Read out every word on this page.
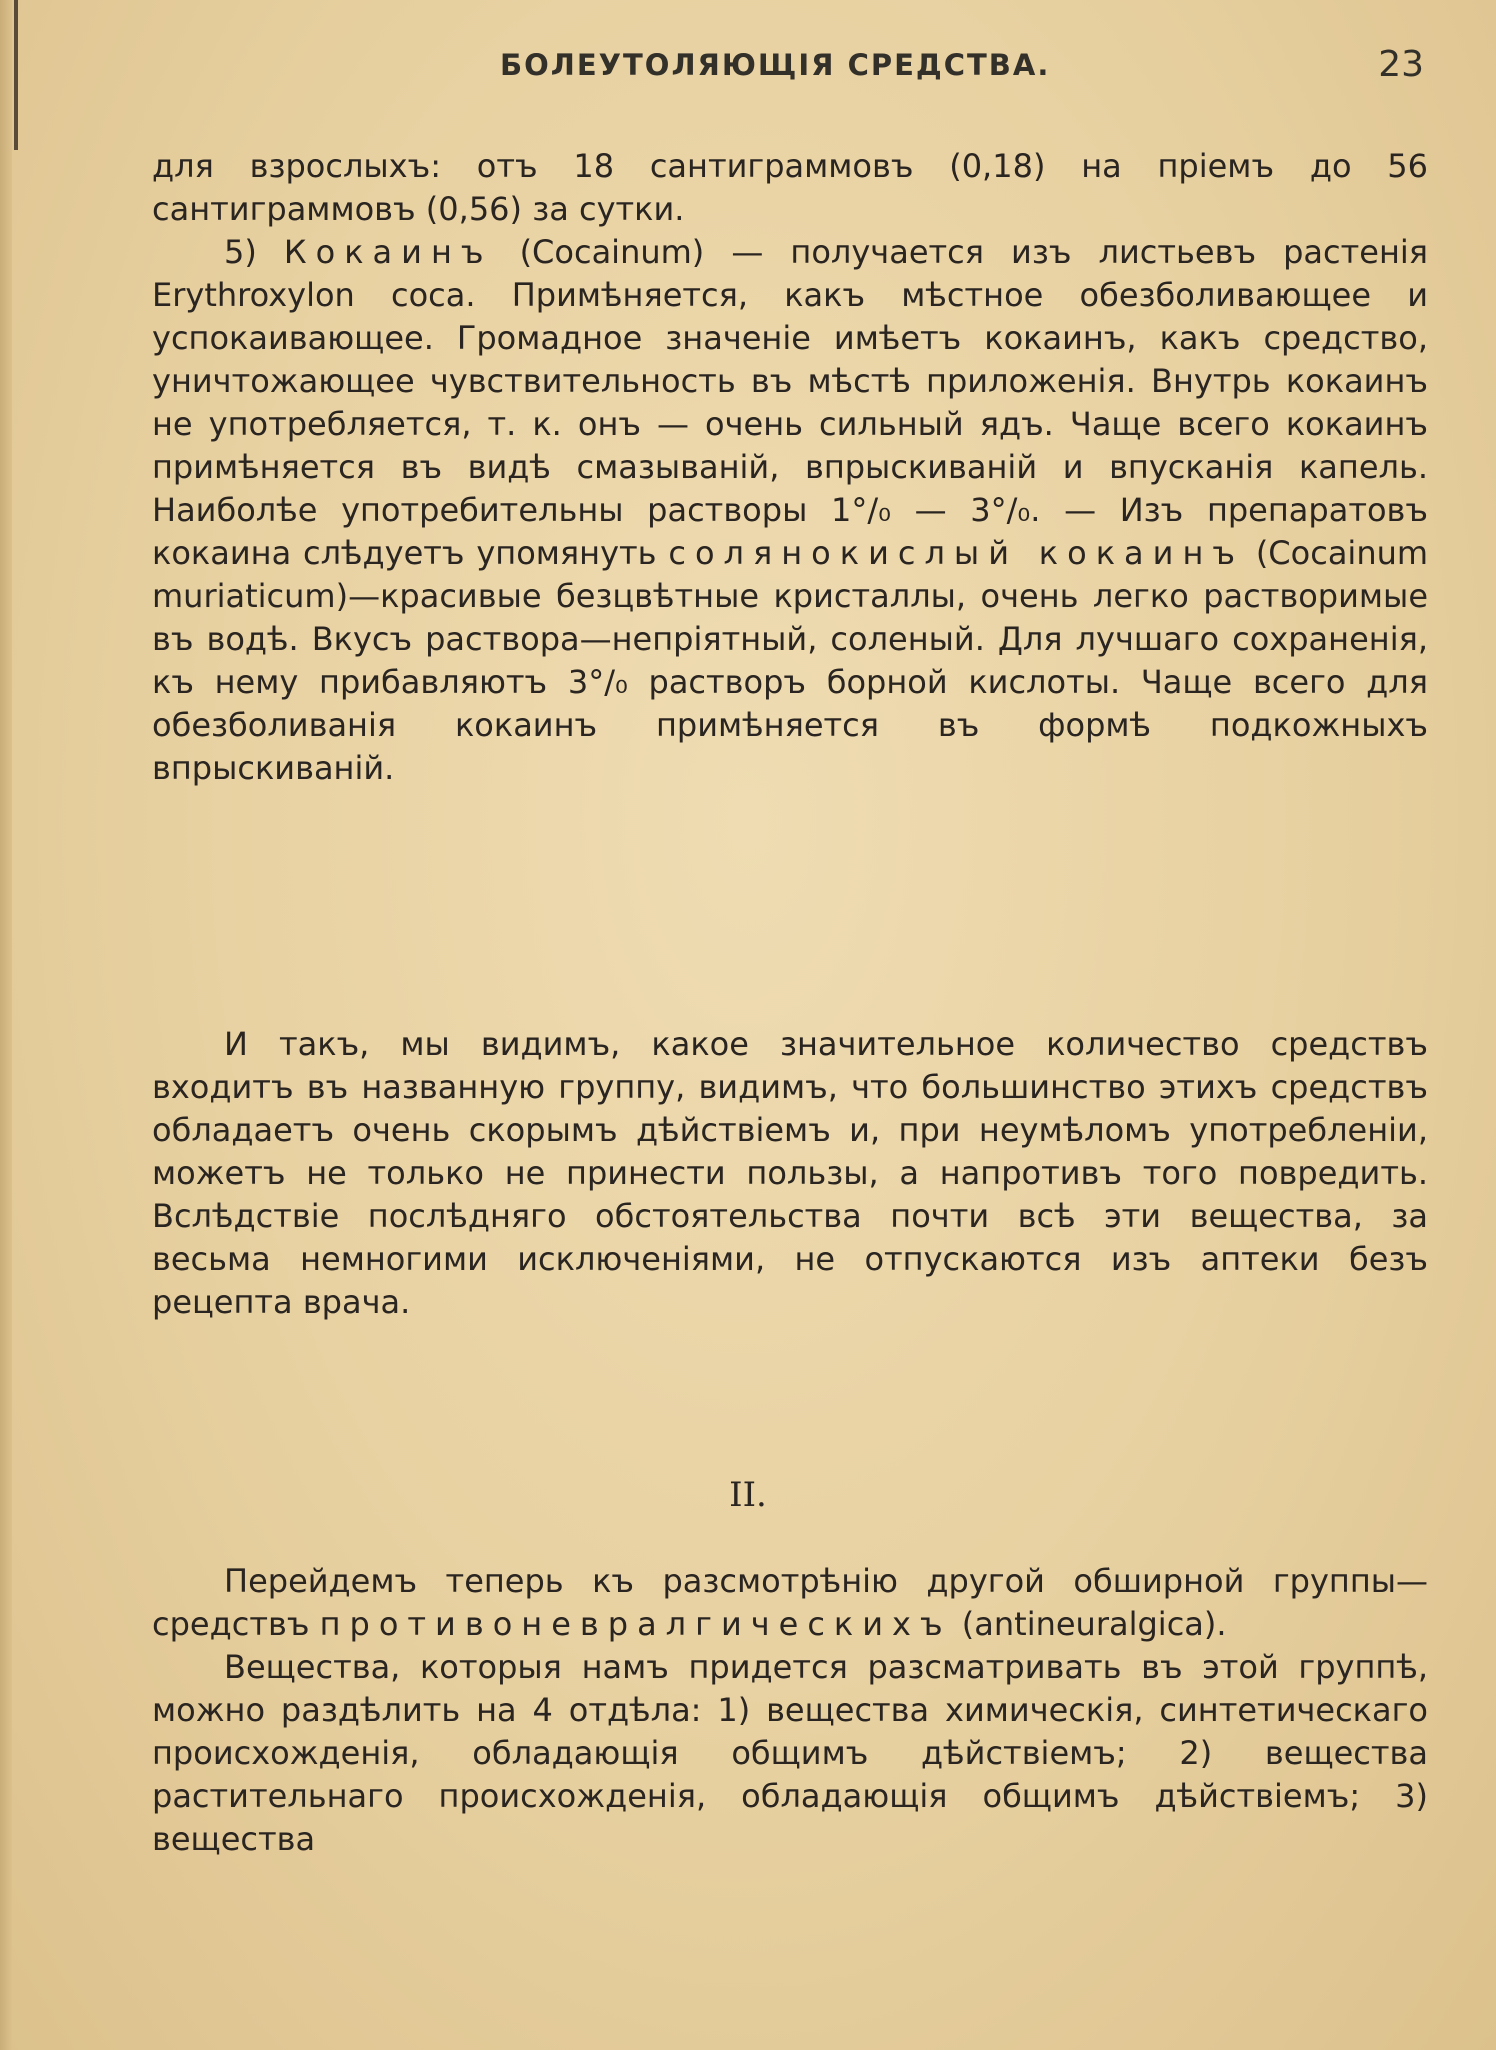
БОЛЕУТОЛЯЮЩІЯ СРЕДСТВА.	23

для взрослыхъ: отъ 18 сантиграммовъ (0,18) на пріемъ до 56 сантиграммовъ (0,56) за сутки.

5) Кокаинъ (Cocainum) — получается изъ листьевъ растенія Erythroxylon coca. Примѣняется, какъ мѣстное обезболивающее и успокаивающее. Громадное значеніе имѣетъ кокаинъ, какъ средство, уничтожающее чувствительность въ мѣстѣ приложенія. Внутрь кокаинъ не употребляется, т. к. онъ — очень сильный ядъ. Чаще всего кокаинъ примѣняется въ видѣ смазываній, впрыскиваній и впусканія капель. Наиболѣе употребительны растворы 1°/₀ — 3°/₀. — Изъ препаратовъ кокаина слѣдуетъ упомянуть солянокислый кокаинъ (Cocainum muriaticum)—красивые безцвѣтные кристаллы, очень легко растворимые въ водѣ. Вкусъ раствора—непріятный, соленый. Для лучшаго сохраненія, къ нему прибавляютъ 3°/₀ растворъ борной кислоты. Чаще всего для обезболиванія кокаинъ примѣняется въ формѣ подкожныхъ впрыскиваній.

И такъ, мы видимъ, какое значительное количество средствъ входитъ въ названную группу, видимъ, что большинство этихъ средствъ обладаетъ очень скорымъ дѣйствіемъ и, при неумѣломъ употребленіи, можетъ не только не принести пользы, а напротивъ того повредить. Вслѣдствіе послѣдняго обстоятельства почти всѣ эти вещества, за весьма немногими исключеніями, не отпускаются изъ аптеки безъ рецепта врача.

II.

Перейдемъ теперь къ разсмотрѣнію другой обширной группы—средствъ противоневралгическихъ (antineuralgica).

Вещества, которыя намъ придется разсматривать въ этой группѣ, можно раздѣлить на 4 отдѣла: 1) вещества химическія, синтетическаго происхожденія, обладающія общимъ дѣйствіемъ; 2) вещества растительнаго происхожденія, обладающія общимъ дѣйствіемъ; 3) вещества
